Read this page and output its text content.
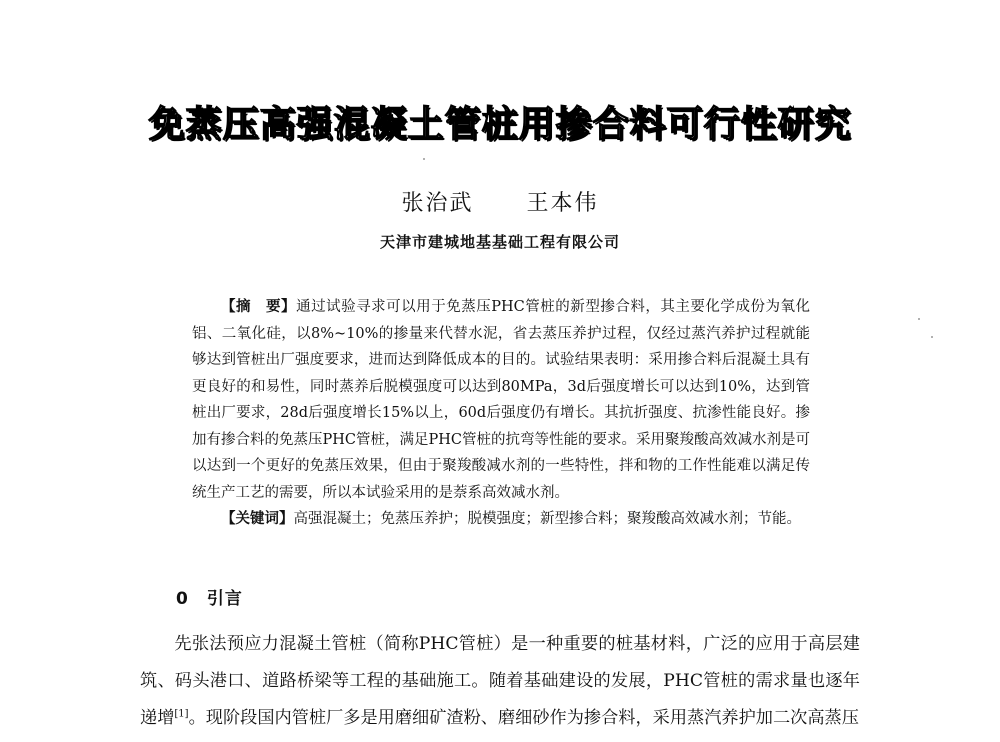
免蒸压高强混凝土管桩用掺合料可行性研究
张治武 王本伟
天津市建城地基基础工程有限公司
【摘　要】通过试验寻求可以用于免蒸压PHC管桩的新型掺合料，其主要化学成份为氧化铝、二氧化硅，以8%~10%的掺量来代替水泥，省去蒸压养护过程，仅经过蒸汽养护过程就能够达到管桩出厂强度要求，进而达到降低成本的目的。试验结果表明：采用掺合料后混凝土具有更良好的和易性，同时蒸养后脱模强度可以达到80MPa，3d后强度增长可以达到10%，达到管桩出厂要求，28d后强度增长15%以上，60d后强度仍有增长。其抗折强度、抗渗性能良好。掺加有掺合料的免蒸压PHC管桩，满足PHC管桩的抗弯等性能的要求。采用聚羧酸高效减水剂是可以达到一个更好的免蒸压效果，但由于聚羧酸减水剂的一些特性，拌和物的工作性能难以满足传统生产工艺的需要，所以本试验采用的是萘系高效减水剂。
【关键词】高强混凝土；免蒸压养护；脱模强度；新型掺合料；聚羧酸高效减水剂；节能。
0 引言
先张法预应力混凝土管桩（简称PHC管桩）是一种重要的桩基材料，广泛的应用于高层建筑、码头港口、道路桥梁等工程的基础施工。随着基础建设的发展，PHC管桩的需求量也逐年递增[1]。现阶段国内管桩厂多是用磨细矿渣粉、磨细砂作为掺合料，采用蒸汽养护加二次高蒸压
